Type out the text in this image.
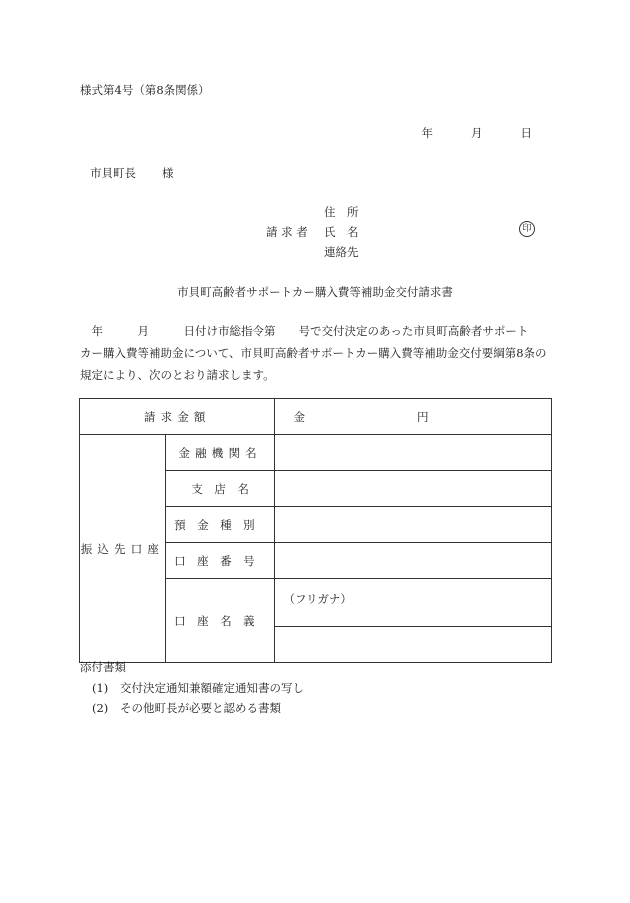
様式第4号（第8条関係）
年	月	日
市貝町長 様
住　所
請 求 者 氏　名	印
連絡先
市貝町高齢者サポートカー購入費等補助金交付請求書

　年　　　月　　　日付け市総指令第　　号で交付決定のあった市貝町高齢者サポート

カー購入費等補助金について、市貝町高齢者サポートカー購入費等補助金交付要綱第8条の

規定により、次のとおり請求します。

請求金額		金 円
振込先口座	金融機関名	
	支　店　名	
	預金種別	
	口座番号	
	口座名義	（フリガナ）

添付書類
(1) 交付決定通知兼額確定通知書の写し
(2) その他町長が必要と認める書類
